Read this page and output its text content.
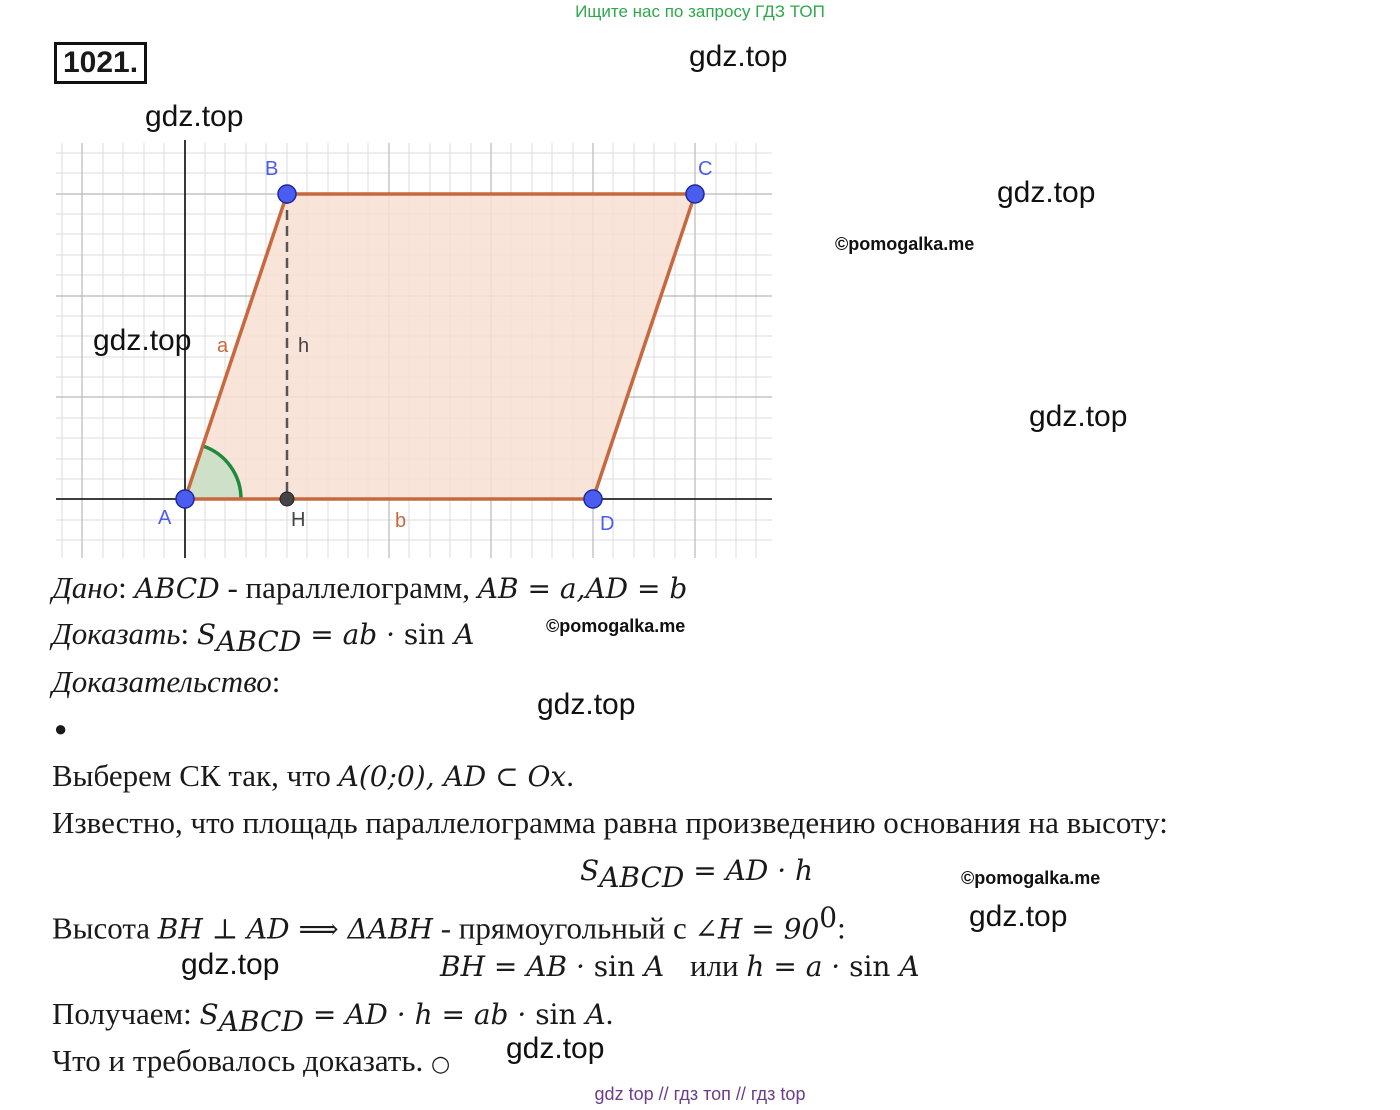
Ищите нас по запросу ГДЗ ТОП
1021.
A
B	C
D
H
a
b
h
gdz.top
gdz.top
gdz.top
©pomogalka.me
gdz.top
gdz.top
©pomogalka.me
gdz.top
©pomogalka.me
gdz.top
gdz.top
gdz.top
Дано: ABCD - параллелограмм, AB = a,AD = b
Доказать: $S_{ABCD}$ = ab · sin A
Доказательство:
●
Выберем СК так, что A(0;0), AD ⊂ Ox.
Известно, что площадь параллелограмма равна произведению основания на высоту:
$S_{ABCD}$ = AD · h
Высота BH ⊥ AD ⟹ ΔABH - прямоугольный с ∠H = $90^0$:
BH = AB · sin A или h = a · sin A
Получаем: $S_{ABCD}$ = AD · h = ab · sin A.
Что и требовалось доказать. ○
gdz top // гдз топ // гдз top
